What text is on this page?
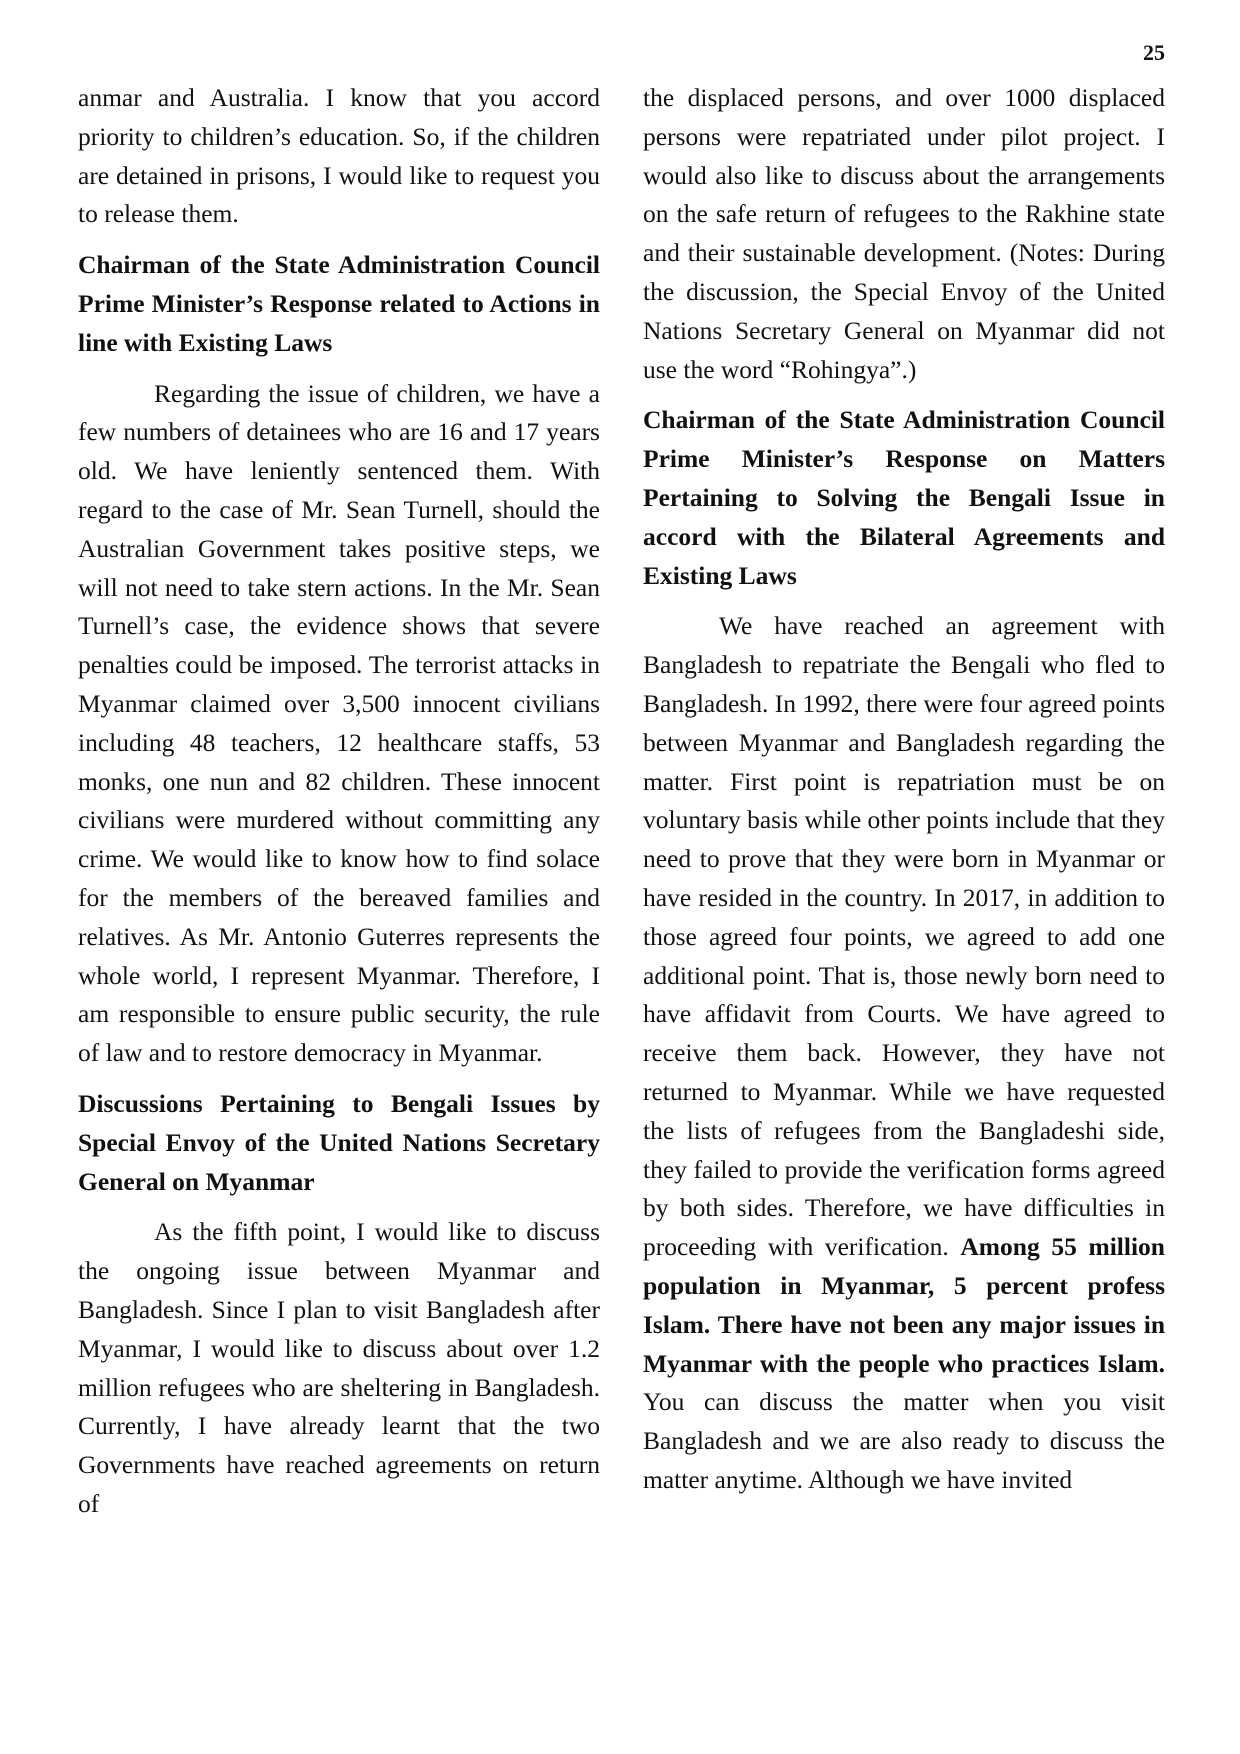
25

anmar and Australia. I know that you accord priority to children’s education. So, if the children are detained in prisons, I would like to request you to release them.

Chairman of the State Administration Council Prime Minister’s Response related to Actions in line with Existing Laws

Regarding the issue of children, we have a few numbers of detainees who are 16 and 17 years old. We have leniently sentenced them. With regard to the case of Mr. Sean Turnell, should the Australian Government takes positive steps, we will not need to take stern actions. In the Mr. Sean Turnell’s case, the evidence shows that severe penalties could be imposed. The terrorist attacks in Myanmar claimed over 3,500 innocent civilians including 48 teachers, 12 healthcare staffs, 53 monks, one nun and 82 children. These innocent civilians were murdered without committing any crime. We would like to know how to find solace for the members of the bereaved families and relatives. As Mr. Antonio Guterres represents the whole world, I represent Myanmar. Therefore, I am responsible to ensure public security, the rule of law and to restore democracy in Myanmar.

Discussions Pertaining to Bengali Issues by Special Envoy of the United Nations Secretary General on Myanmar

As the fifth point, I would like to discuss the ongoing issue between Myanmar and Bangladesh. Since I plan to visit Bangladesh after Myanmar, I would like to discuss about over 1.2 million refugees who are sheltering in Bangladesh. Currently, I have already learnt that the two Governments have reached agreements on return of

the displaced persons, and over 1000 displaced persons were repatriated under pilot project. I would also like to discuss about the arrangements on the safe return of refugees to the Rakhine state and their sustainable development. (Notes: During the discussion, the Special Envoy of the United Nations Secretary General on Myanmar did not use the word “Rohingya”.)

Chairman of the State Administration Council Prime Minister’s Response on Matters Pertaining to Solving the Bengali Issue in accord with the Bilateral Agreements and Existing Laws

We have reached an agreement with Bangladesh to repatriate the Bengali who fled to Bangladesh. In 1992, there were four agreed points between Myanmar and Bangladesh regarding the matter. First point is repatriation must be on voluntary basis while other points include that they need to prove that they were born in Myanmar or have resided in the country. In 2017, in addition to those agreed four points, we agreed to add one additional point. That is, those newly born need to have affidavit from Courts. We have agreed to receive them back. However, they have not returned to Myanmar. While we have requested the lists of refugees from the Bangladeshi side, they failed to provide the verification forms agreed by both sides. Therefore, we have difficulties in proceeding with verification. Among 55 million population in Myanmar, 5 percent profess Islam. There have not been any major issues in Myanmar with the people who practices Islam. You can discuss the matter when you visit Bangladesh and we are also ready to discuss the matter anytime. Although we have invited
